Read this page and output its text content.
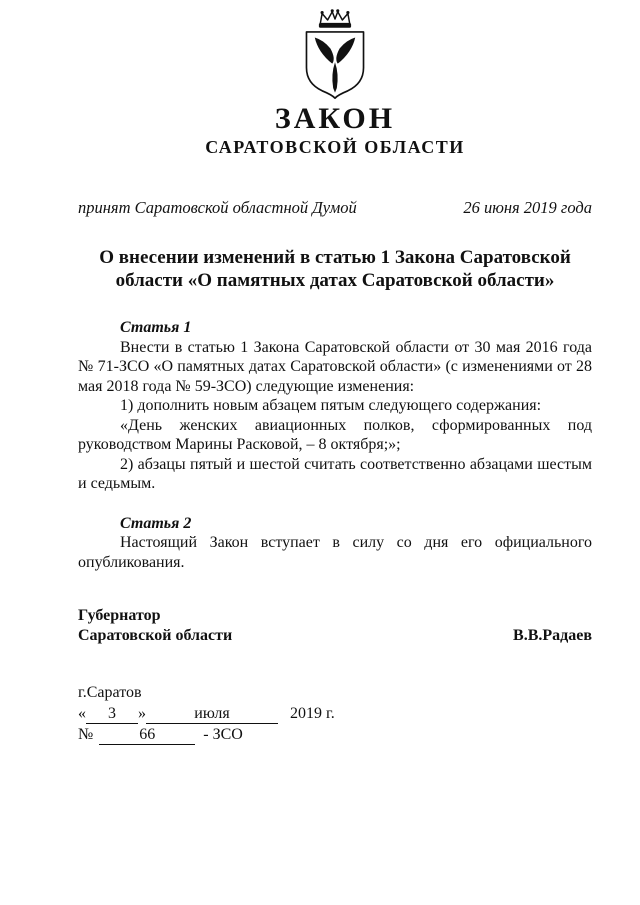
ЗАКОН
САРАТОВСКОЙ ОБЛАСТИ
принят Саратовской областной Думой	26 июня 2019 года
О внесении изменений в статью 1 Закона Саратовской области «О памятных датах Саратовской области»

Статья 1

Внести в статью 1 Закона Саратовской области от 30 мая 2016 года № 71-ЗСО «О памятных датах Саратовской области» (с изменениями от 28 мая 2018 года № 59-ЗСО) следующие изменения:

1) дополнить новым абзацем пятым следующего содержания:

«День женских авиационных полков, сформированных под руководством Марины Расковой, – 8 октября;»;

2) абзацы пятый и шестой считать соответственно абзацами шестым и седьмым.

Статья 2

Настоящий Закон вступает в силу со дня его официального опубликования.

Губернатор
Саратовской области	В.В.Радаев
г.Саратов
« 3 »	июля	2019 г.
№	66	- ЗСО
